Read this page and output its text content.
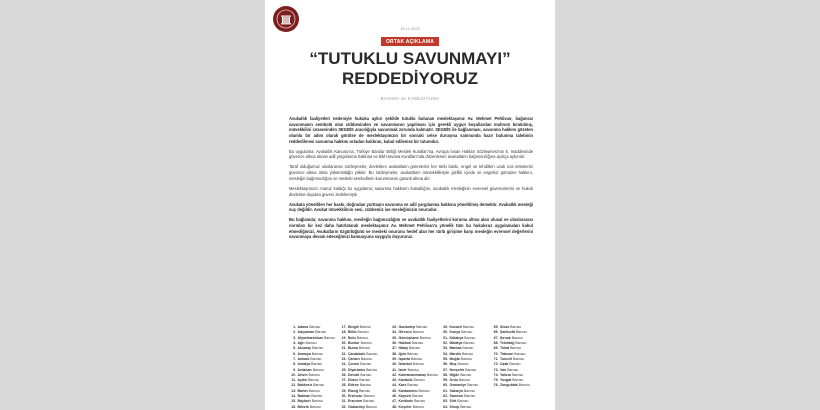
15.11.2025
ORTAK AÇIKLAMA
“TUTUKLU SAVUNMAYI”
REDDEDİYORUZ
BASIMA ve KAMUOYUNA

Avukatlık faaliyetleri nedeniyle hukuka aykırı şekilde tutuklu bulunan meslektaşımız Av. Mehmet Pehlivan; bağımsız savunmanın sembolü olan cübbesinden ve savunmanın yapılması için gerekli uygun koşullardan mahrum bırakılmış, müvekkilini cezaevinden SEGBİS aracılığıyla savunmak zorunda kalmıştır. SEGBİS ile bağlanması, savunma hakkını gözeten olumlu bir adım olarak görülse de meslektaşımızın bir sonraki celse duruşma salonunda hazır bulunma talebinin reddedilmesi savunma hakkını ortadan kaldıran, kabul edilemez bir tutumdur.

Bu uygulama; Avukatlık Kanunu'na, Türkiye Barolar Birliği Meslek Kuralları'na, Avrupa İnsan Hakları Sözleşmesi'nin 6. maddesinde güvence altına alınan adil yargılanma hakkına ve BM Havana Kuralları'nda düzenlenen avukatların bağımsızlığına açıkça aykırıdır.

Taraf olduğumuz uluslararası sözleşmeler, devletlere avukatların görevlerini her türlü baskı, engel ve tehditten uzak icra etmelerini güvence altına alma yükümlülüğü yükler. Bu sözleşmeler, avukatların müvekkilleriyle gizlilik içinde ve engelsiz görüşme hakkını, mesleğin bağımsızlığını ve mesleki sembollerin korunmasını garanti altına alır.

Meslektaşımızın maruz kaldığı bu uygulama; savunma hakkının kutsallığını, avukatlık mesleğinin evrensel güvencelerini ve hukuk devletine duyulan güveni zedelemiştir.

Avukata yöneltilen her baskı, doğrudan yurttaşın savunma ve adil yargılanma hakkına yöneltilmiş demektir. Avukatlık mesleği suç değildir. Avukat müvekkilinin sesi, cübbemiz ise mesleğimizin onurudur.

Bu bağlamda; savunma hakkını, mesleğin bağımsızlığını ve avukatlık faaliyetlerini koruma altına alan ulusal ve uluslararası normları bir kez daha hatırlatarak meslektaşımız Av. Mehmet Pehlivan'a yönelik tüm bu hukuksuz uygulamaları kabul etmediğimizi, Avukatların özgürlüğünü ve mesleki onurunu hedef alan her türlü girişime karşı mesleğin evrensel değerlerini savunmaya devam edeceğimizi kamuoyuna saygıyla duyururuz.

1. Adana Barosu
2. Adıyaman Barosu
3. Afyonkarahisar Barosu
4. Ağrı Barosu
5. Aksaray Barosu
6. Amasya Barosu
7. Ankara Barosu
8. Antalya Barosu
9. Ardahan Barosu
10. Artvin Barosu
11. Aydın Barosu
12. Balıkesir Barosu
13. Bartın Barosu
14. Batman Barosu
15. Bayburt Barosu
16. Bilecik Barosu
17. Bingöl Barosu
18. Bitlis Barosu
19. Bolu Barosu
20. Burdur Barosu
21. Bursa Barosu
22. Çanakkale Barosu
23. Çankırı Barosu
24. Çorum Barosu
25. Diyarbakır Barosu
26. Denizli Barosu
27. Düzce Barosu
28. Edirne Barosu
29. Elazığ Barosu
30. Erzincan Barosu
31. Erzurum Barosu
32. Gaziantep Barosu
33. Gaziantep Barosu
34. Giresun Barosu
35. Gümüşhane Barosu
36. Hakkari Barosu
37. Hatay Barosu
38. Iğdır Barosu
39. Isparta Barosu
40. İstanbul Barosu
41. İzmir Barosu
42. Kahramanmaraş Barosu
43. Karabük Barosu
44. Kars Barosu
45. Kastamonu Barosu
46. Kayseri Barosu
47. Kırıkkale Barosu
48. Kırşehir Barosu
49. Kocaeli Barosu
50. Konya Barosu
51. Kütahya Barosu
52. Malatya Barosu
53. Manisa Barosu
54. Mardin Barosu
55. Muğla Barosu
56. Muş Barosu
57. Nevşehir Barosu
58. Niğde Barosu
59. Ordu Barosu
60. Osmaniye Barosu
61. Sakarya Barosu
62. Samsun Barosu
63. Siirt Barosu
64. Sinop Barosu
65. Sivas Barosu
66. Şanlıurfa Barosu
67. Şırnak Barosu
68. Tekirdağ Barosu
69. Tokat Barosu
70. Trabzon Barosu
71. Tunceli Barosu
72. Uşak Barosu
73. Van Barosu
74. Yalova Barosu
75. Yozgat Barosu
76. Zonguldak Barosu
